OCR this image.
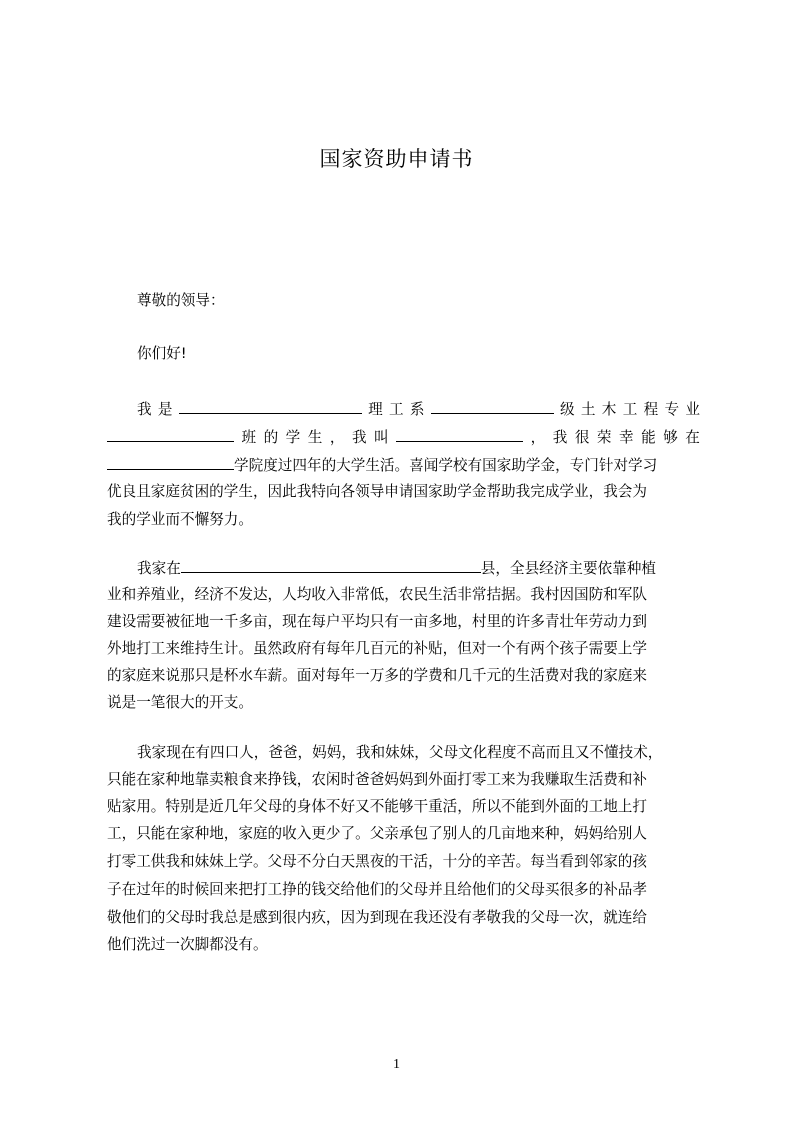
国家资助申请书
尊敬的领导：
你们好!
我 是	理 工 系	级 土 木 工 程 专 业
班 的 学 生 ， 我 叫	， 我 很 荣 幸 能 够 在
学院度过四年的大学生活。喜闻学校有国家助学金，专门针对学习
优良且家庭贫困的学生，因此我特向各领导申请国家助学金帮助我完成学业，我会为
我的学业而不懈努力。
我家在	县，全县经济主要依靠种植
业和养殖业，经济不发达，人均收入非常低，农民生活非常拮据。我村因国防和军队
建设需要被征地一千多亩，现在每户平均只有一亩多地，村里的许多青壮年劳动力到
外地打工来维持生计。虽然政府有每年几百元的补贴，但对一个有两个孩子需要上学
的家庭来说那只是杯水车薪。面对每年一万多的学费和几千元的生活费对我的家庭来
说是一笔很大的开支。
我家现在有四口人，爸爸，妈妈，我和妹妹，父母文化程度不高而且又不懂技术，
只能在家种地靠卖粮食来挣钱，农闲时爸爸妈妈到外面打零工来为我赚取生活费和补
贴家用。特别是近几年父母的身体不好又不能够干重活，所以不能到外面的工地上打
工，只能在家种地，家庭的收入更少了。父亲承包了别人的几亩地来种，妈妈给别人
打零工供我和妹妹上学。父母不分白天黑夜的干活，十分的辛苦。每当看到邻家的孩
子在过年的时候回来把打工挣的钱交给他们的父母并且给他们的父母买很多的补品孝
敬他们的父母时我总是感到很内疚，因为到现在我还没有孝敬我的父母一次，就连给
他们洗过一次脚都没有。
1
